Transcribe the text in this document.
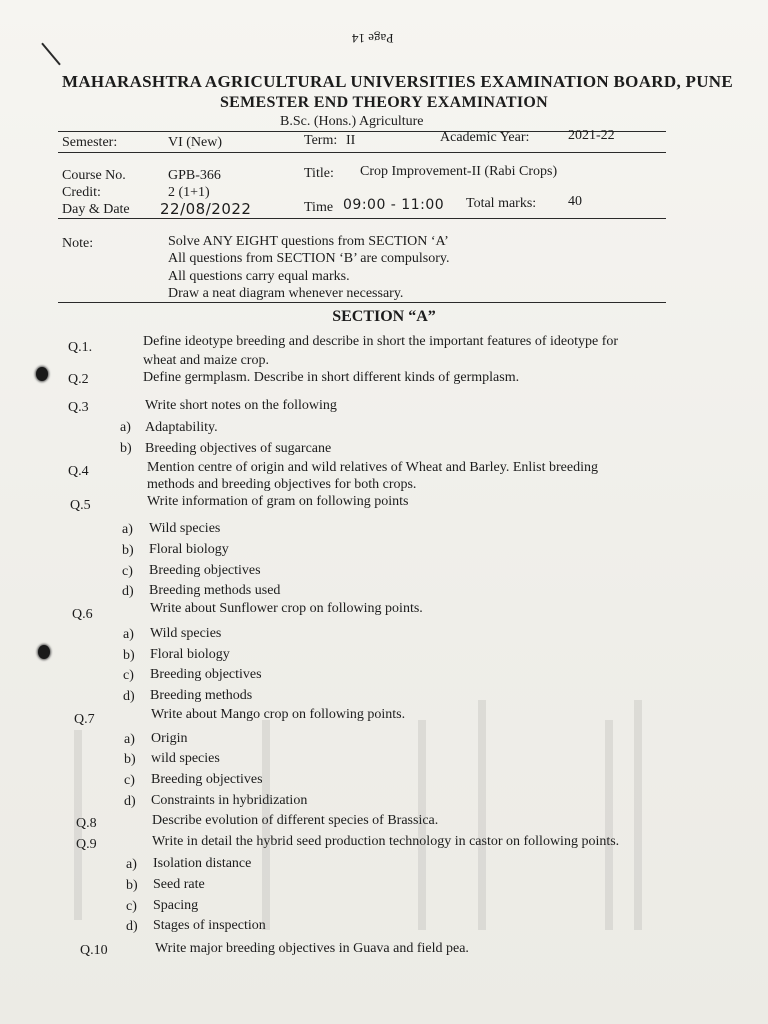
Page 14
MAHARASHTRA AGRICULTURAL UNIVERSITIES EXAMINATION BOARD, PUNE
SEMESTER END THEORY EXAMINATION
B.Sc. (Hons.) Agriculture
Semester:	VI (New)	Term: II	Academic Year:	2021-22
Course No.	GPB-366	Title: Crop Improvement-II (Rabi Crops)
Credit:	2 (1+1)
Day & Date 22/08/2022	Time 09:00 - 11:00 Total marks: 40
Note:	Solve ANY EIGHT questions from SECTION ‘A’
All questions from SECTION ‘B’ are compulsory.
All questions carry equal marks.
Draw a neat diagram whenever necessary.
SECTION “A”
Q.1.	Define ideotype breeding and describe in short the important features of ideotype for
wheat and maize crop.
Q.2	Define germplasm. Describe in short different kinds of germplasm.
Q.3	Write short notes on the following
a) Adaptability.
b) Breeding objectives of sugarcane
Q.4	Mention centre of origin and wild relatives of Wheat and Barley. Enlist breeding
methods and breeding objectives for both crops.
Q.5	Write information of gram on following points
a) Wild species
b) Floral biology
c) Breeding objectives
d) Breeding methods used
Q.6	Write about Sunflower crop on following points.
a) Wild species
b) Floral biology
c) Breeding objectives
d) Breeding methods
Q.7	Write about Mango crop on following points.
a) Origin
b) wild species
c) Breeding objectives
d) Constraints in hybridization
Q.8	Describe evolution of different species of Brassica.
Q.9	Write in detail the hybrid seed production technology in castor on following points.
a) Isolation distance
b) Seed rate
c) Spacing
d) Stages of inspection
Q.10	Write major breeding objectives in Guava and field pea.
